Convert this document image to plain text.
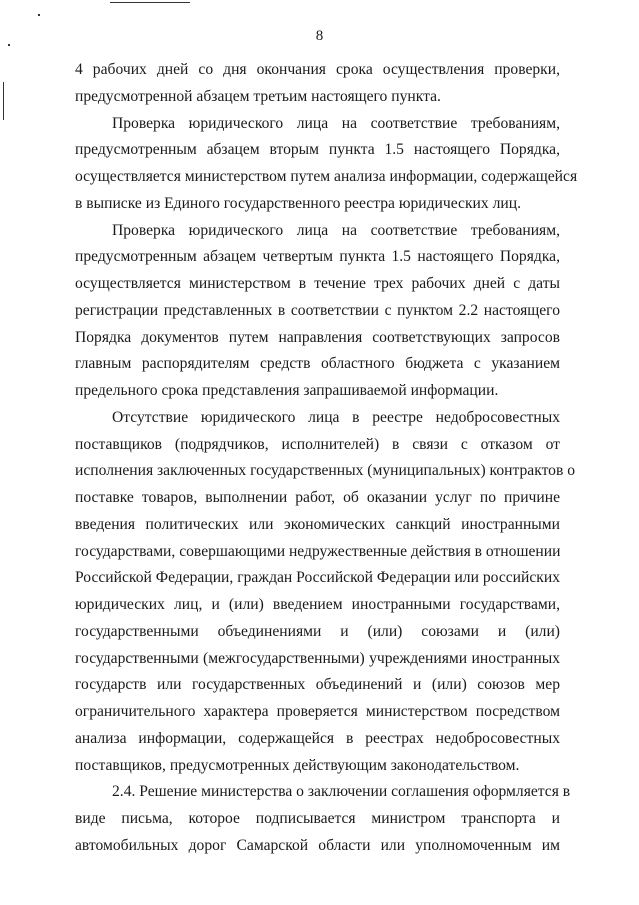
8
4 рабочих дней со дня окончания срока осуществления проверки,
предусмотренной абзацем третьим настоящего пункта.
Проверка юридического лица на соответствие требованиям,
предусмотренным абзацем вторым пункта 1.5 настоящего Порядка,
осуществляется министерством путем анализа информации, содержащейся
в выписке из Единого государственного реестра юридических лиц.
Проверка юридического лица на соответствие требованиям,
предусмотренным абзацем четвертым пункта 1.5 настоящего Порядка,
осуществляется министерством в течение трех рабочих дней с даты
регистрации представленных в соответствии с пунктом 2.2 настоящего
Порядка документов путем направления соответствующих запросов
главным распорядителям средств областного бюджета с указанием
предельного срока представления запрашиваемой информации.
Отсутствие юридического лица в реестре недобросовестных
поставщиков (подрядчиков, исполнителей) в связи с отказом от
исполнения заключенных государственных (муниципальных) контрактов о
поставке товаров, выполнении работ, об оказании услуг по причине
введения политических или экономических санкций иностранными
государствами, совершающими недружественные действия в отношении
Российской Федерации, граждан Российской Федерации или российских
юридических лиц, и (или) введением иностранными государствами,
государственными объединениями и (или) союзами и (или)
государственными (межгосударственными) учреждениями иностранных
государств или государственных объединений и (или) союзов мер
ограничительного характера проверяется министерством посредством
анализа информации, содержащейся в реестрах недобросовестных
поставщиков, предусмотренных действующим законодательством.
2.4. Решение министерства о заключении соглашения оформляется в
виде письма, которое подписывается министром транспорта и
автомобильных дорог Самарской области или уполномоченным им
